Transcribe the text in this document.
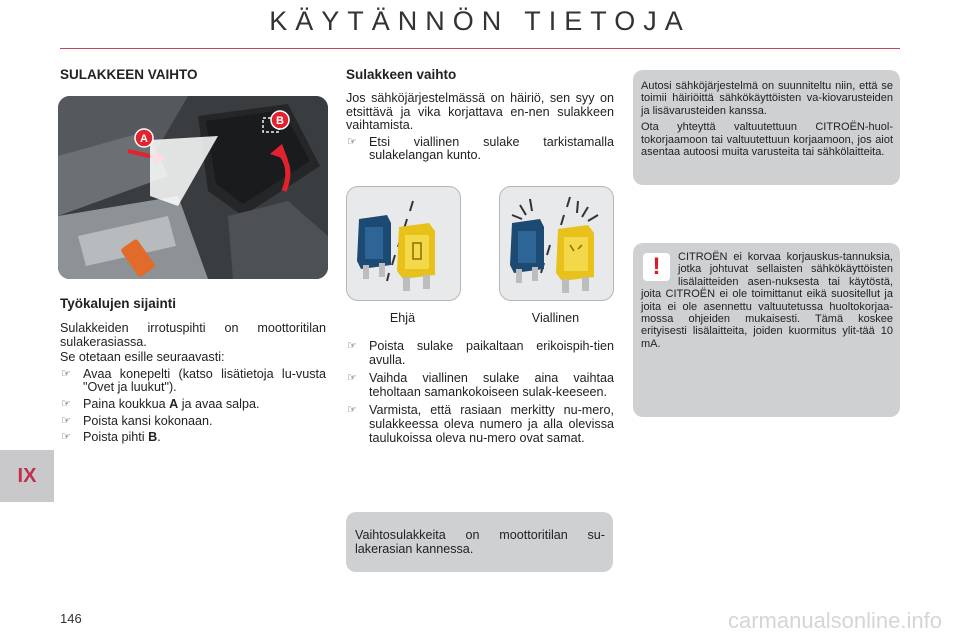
KÄYTÄNNÖN TIETOJA
IX
SULAKKEEN VAIHTO
A
B
Työkalujen sijainti

Sulakkeiden irrotuspihti on moottoritilan sulakerasiassa.

Se otetaan esille seuraavasti:

☞ Avaa konepelti (katso lisätietoja lu-vusta "Ovet ja luukut").
☞ Paina koukkua A ja avaa salpa.
☞ Poista kansi kokonaan.
☞ Poista pihti B.
Sulakkeen vaihto

Jos sähköjärjestelmässä on häiriö, sen syy on etsittävä ja vika korjattava en-nen sulakkeen vaihtamista.

☞ Etsi viallinen sulake tarkistamalla sulakelangan kunto.
Ehjä	Viallinen
☞ Poista sulake paikaltaan erikoispih-tien avulla.
☞ Vaihda viallinen sulake aina vaihtaa teholtaan samankokoiseen sulak-keeseen.
☞ Varmista, että rasiaan merkitty nu-mero, sulakkeessa oleva numero ja alla olevissa taulukoissa oleva nu-mero ovat samat.

Vaihtosulakkeita on moottoritilan su-lakerasian kannessa.

Autosi sähköjärjestelmä on suunniteltu niin, että se toimii häiriöittä sähkökäyttöisten va-kiovarusteiden ja lisävarusteiden kanssa.

Ota yhteyttä valtuutettuun CITROËN-huol-tokorjaamoon tai valtuutettuun korjaamoon, jos aiot asentaa autoosi muita varusteita tai sähkölaitteita.

!	CITROËN ei korvaa korjauskus-tannuksia, jotka johtuvat sellaisten sähkökäyttöisten lisälaitteiden asen-nuksesta tai käytöstä, joita CITROËN ei ole toimittanut eikä suositellut ja joita ei ole asennettu valtuutetussa huoltokorjaa-mossa ohjeiden mukaisesti. Tämä koskee erityisesti lisälaitteita, joiden kuormitus ylit-tää 10 mA.
146	carmanualsonline.info
